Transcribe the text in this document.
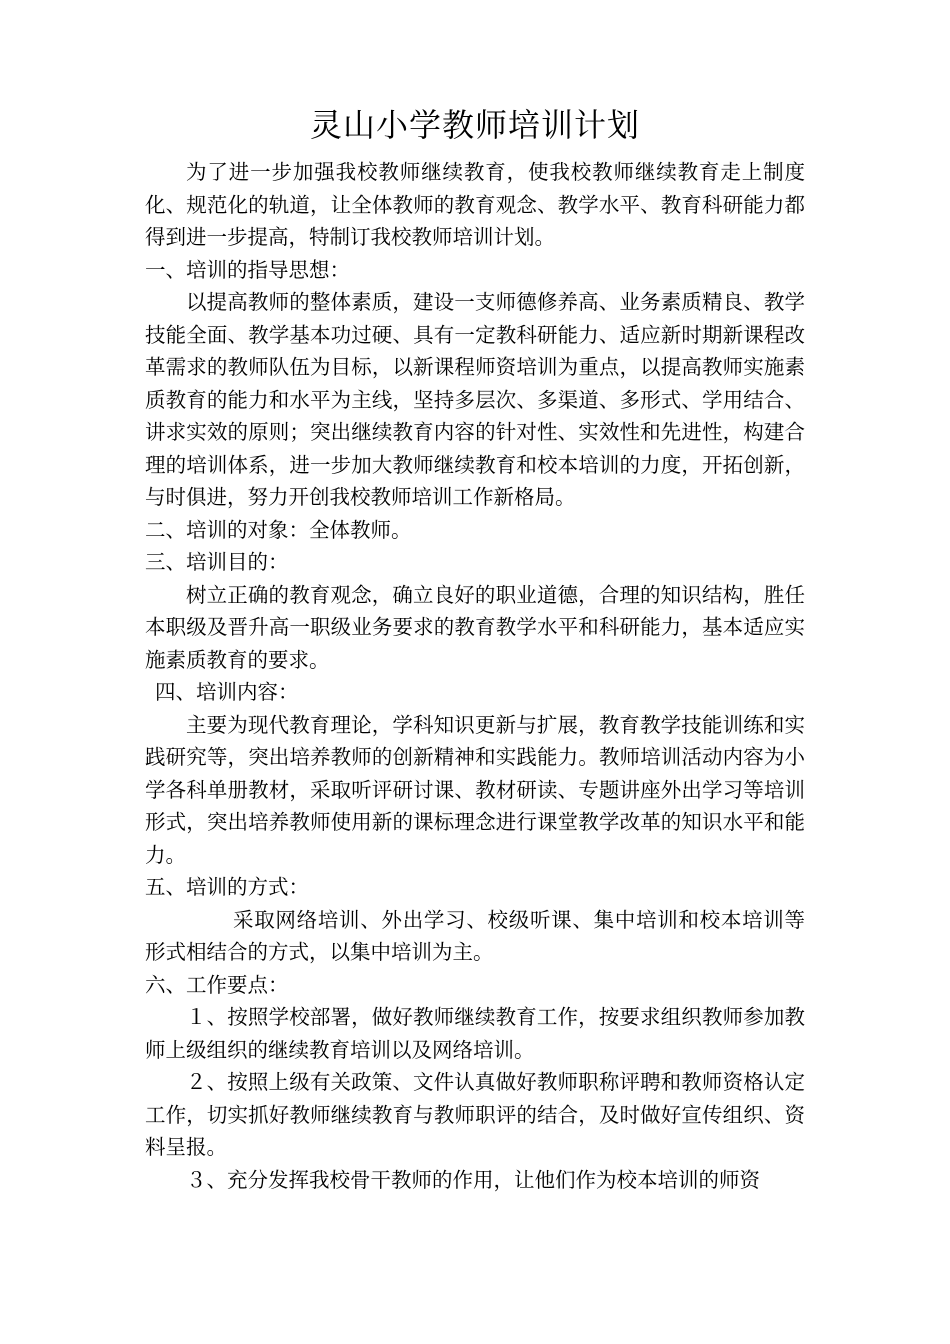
灵山小学教师培训计划

为了进一步加强我校教师继续教育，使我校教师继续教育走上制度化、规范化的轨道，让全体教师的教育观念、教学水平、教育科研能力都得到进一步提高，特制订我校教师培训计划。

一、培训的指导思想：

以提高教师的整体素质，建设一支师德修养高、业务素质精良、教学技能全面、教学基本功过硬、具有一定教科研能力、适应新时期新课程改革需求的教师队伍为目标，以新课程师资培训为重点，以提高教师实施素质教育的能力和水平为主线，坚持多层次、多渠道、多形式、学用结合、讲求实效的原则；突出继续教育内容的针对性、实效性和先进性，构建合理的培训体系，进一步加大教师继续教育和校本培训的力度，开拓创新，与时俱进，努力开创我校教师培训工作新格局。

二、培训的对象：全体教师。

三、培训目的：

树立正确的教育观念，确立良好的职业道德，合理的知识结构，胜任本职级及晋升高一职级业务要求的教育教学水平和科研能力，基本适应实施素质教育的要求。

四、培训内容：

主要为现代教育理论，学科知识更新与扩展，教育教学技能训练和实践研究等，突出培养教师的创新精神和实践能力。教师培训活动内容为小学各科单册教材，采取听评研讨课、教材研读、专题讲座外出学习等培训形式，突出培养教师使用新的课标理念进行课堂教学改革的知识水平和能力。

五、培训的方式：

采取网络培训、外出学习、校级听课、集中培训和校本培训等形式相结合的方式，以集中培训为主。

六、工作要点：

１、按照学校部署，做好教师继续教育工作，按要求组织教师参加教师上级组织的继续教育培训以及网络培训。

２、按照上级有关政策、文件认真做好教师职称评聘和教师资格认定工作，切实抓好教师继续教育与教师职评的结合，及时做好宣传组织、资料呈报。

３、充分发挥我校骨干教师的作用，让他们作为校本培训的师资
